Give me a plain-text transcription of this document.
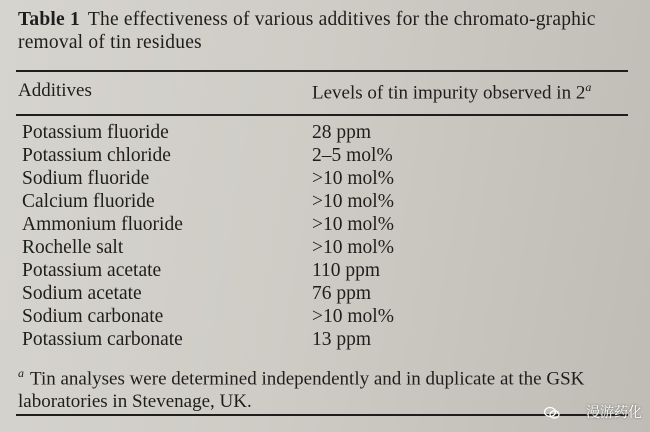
Table 1 The effectiveness of various additives for the chromato-graphic removal of tin residues
Additives	Levels of tin impurity observed in 2$^a$
Potassium fluoride	28 ppm
Potassium chloride	2–5 mol%
Sodium fluoride	>10 mol%
Calcium fluoride	>10 mol%
Ammonium fluoride	>10 mol%
Rochelle salt	>10 mol%
Potassium acetate	110 ppm
Sodium acetate	76 ppm
Sodium carbonate	>10 mol%
Potassium carbonate	13 ppm
$^a$ Tin analyses were determined independently and in duplicate at the GSK laboratories in Stevenage, UK.
漫游药化
